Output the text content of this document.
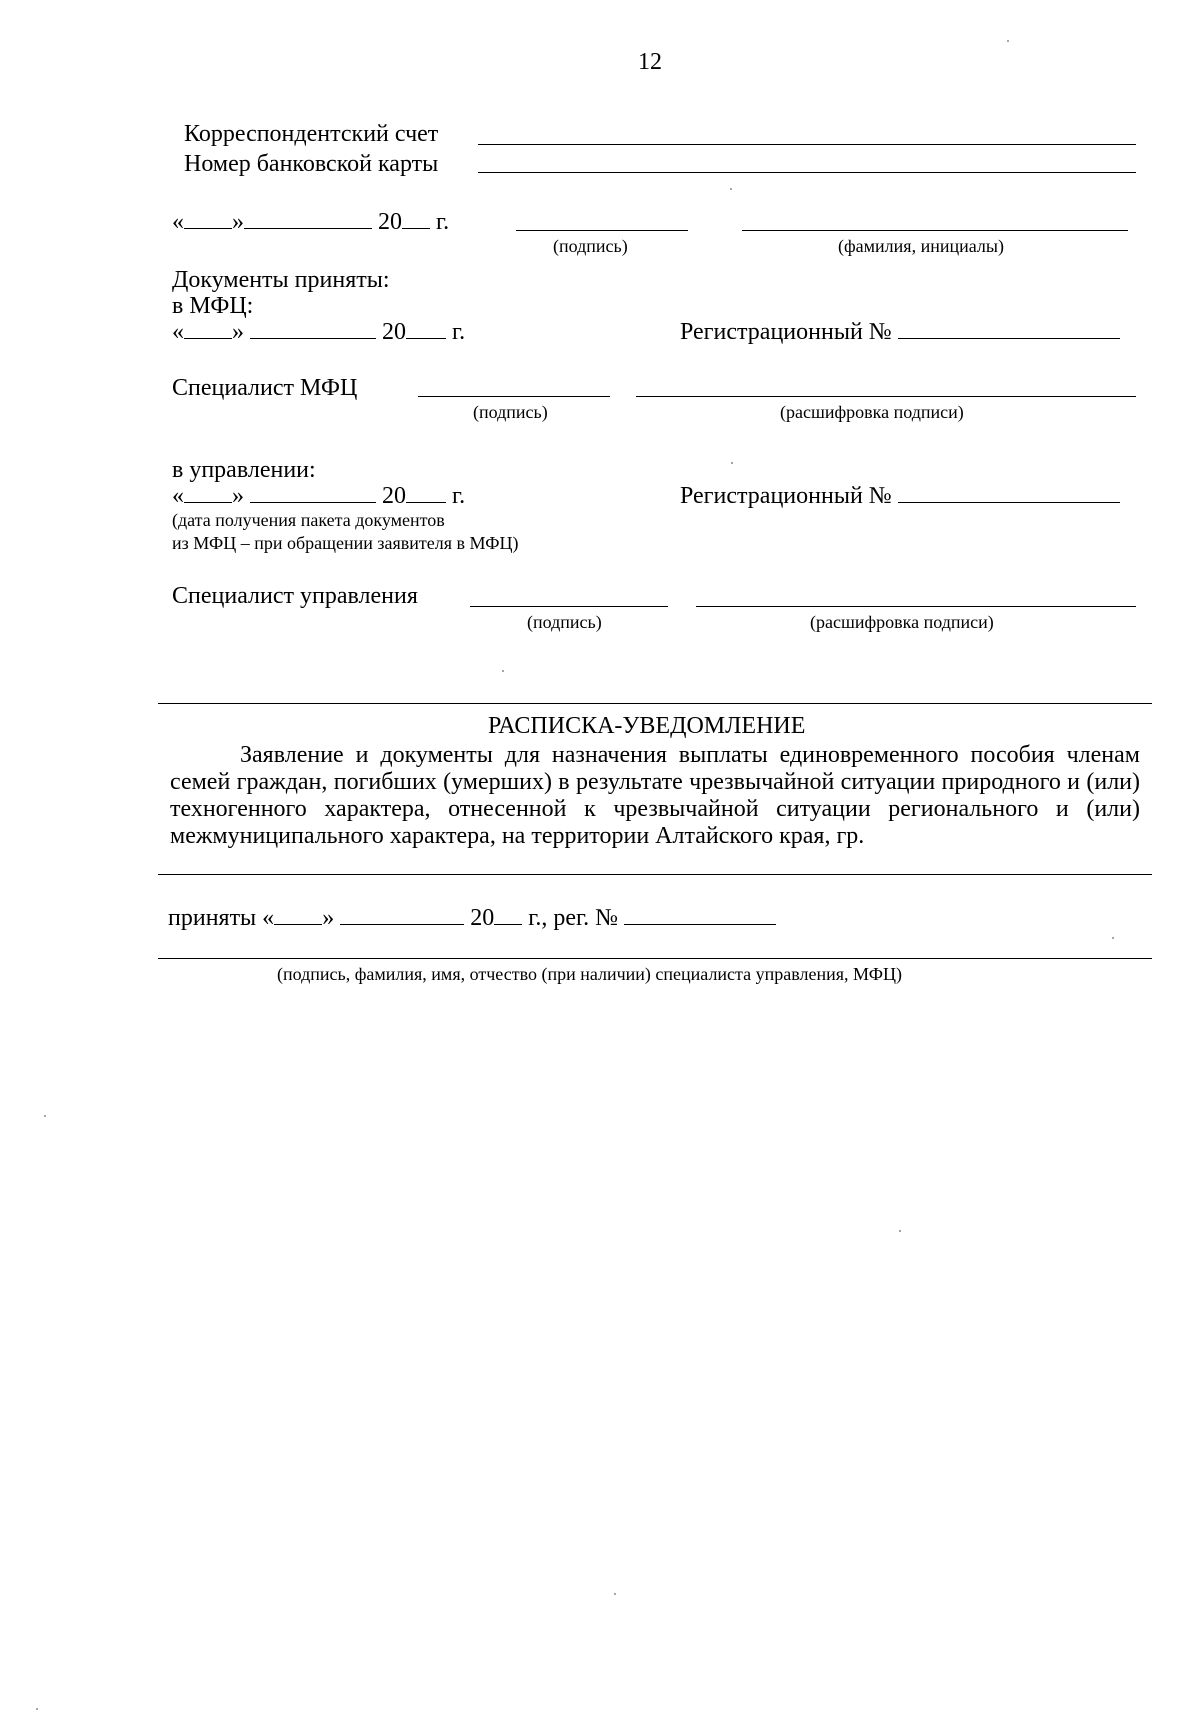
12
Корреспондентский счет
Номер банковской карты
« »	20 г.
(подпись)	(фамилия, инициалы)
Документы приняты:
в МФЦ:
« »	20 г.	Регистрационный №
Специалист МФЦ
(подпись)	(расшифровка подписи)
в управлении:
« »	20 г.	Регистрационный №
(дата получения пакета документов
из МФЦ – при обращении заявителя в МФЦ)
Специалист управления
(подпись)	(расшифровка подписи)
РАСПИСКА-УВЕДОМЛЕНИЕ
Заявление и документы для назначения выплаты единовременного пособия членам семей граждан, погибших (умерших) в результате чрезвычайной ситуации природного и (или) техногенного характера, отнесенной к чрезвычайной ситуации регионального и (или) межмуниципального характера, на территории Алтайского края, гр.
приняты « »	20 г., рег. №
(подпись, фамилия, имя, отчество (при наличии) специалиста управления, МФЦ)
